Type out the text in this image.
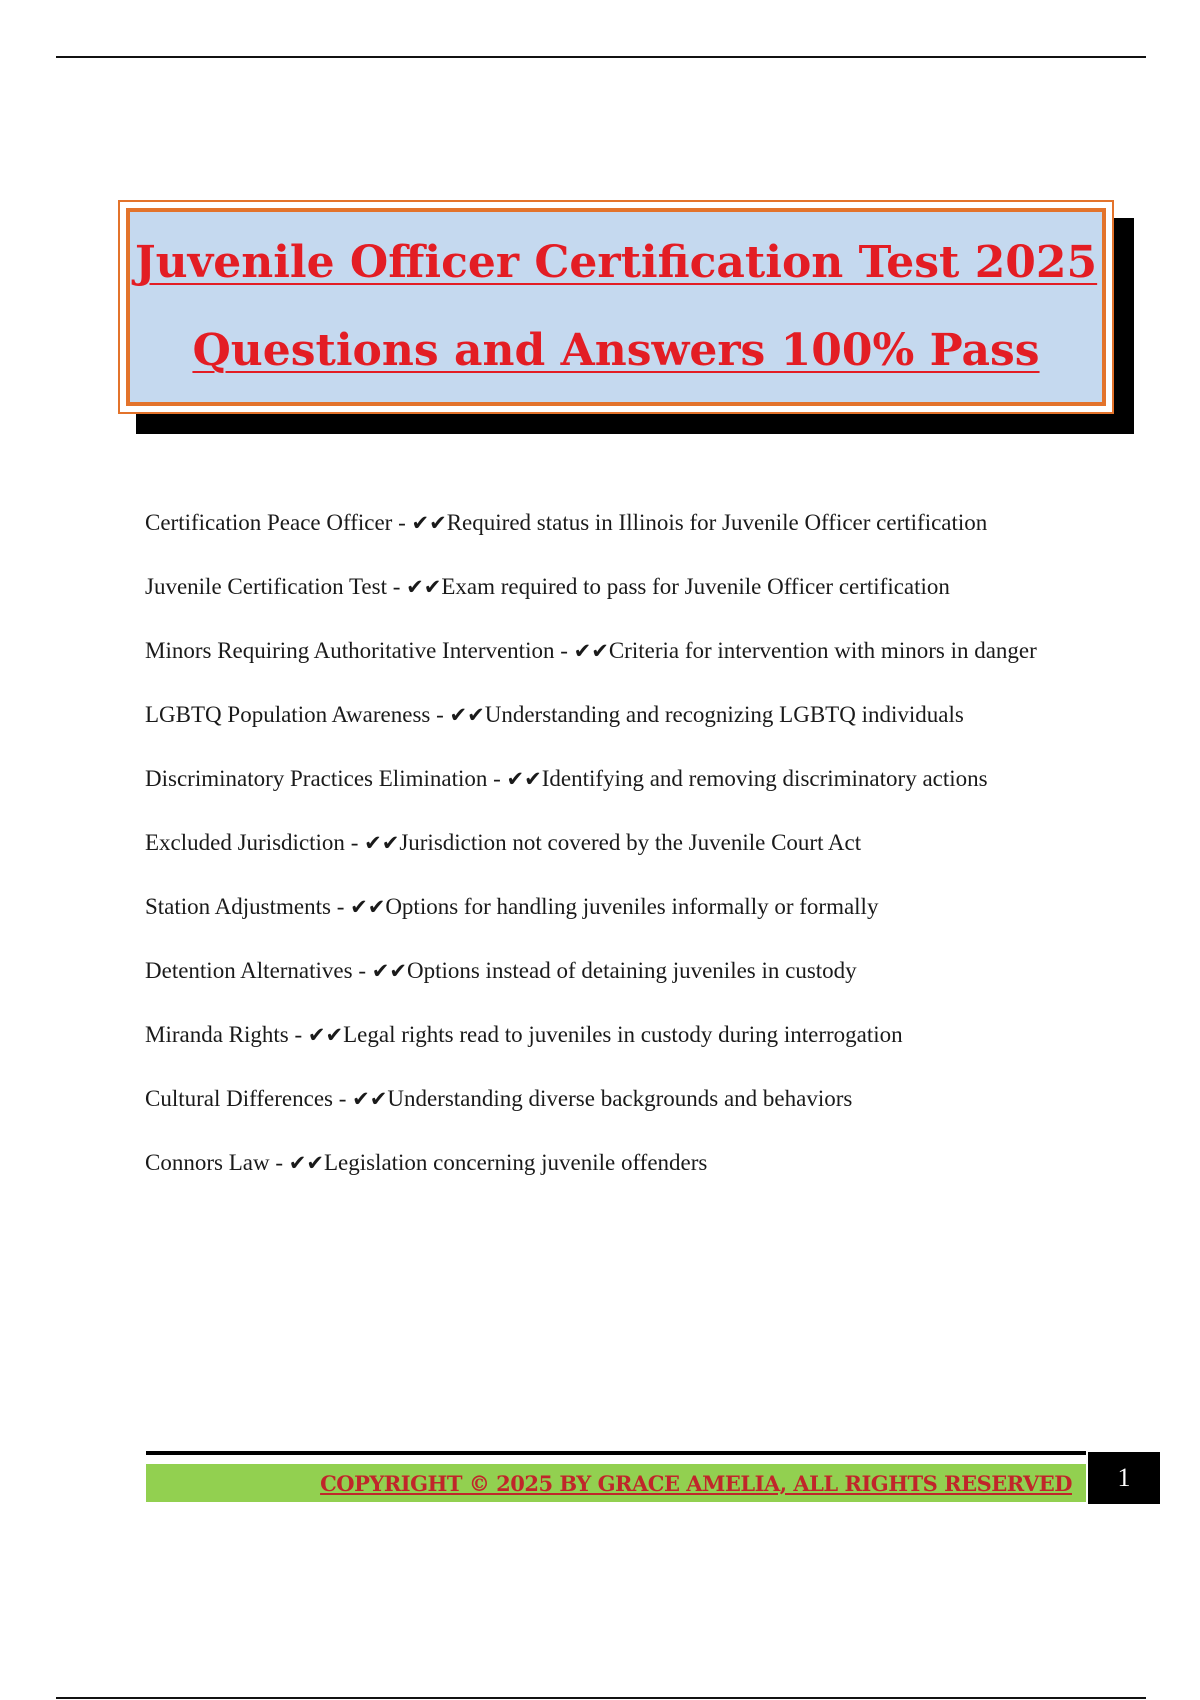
Juvenile Officer Certification Test 2025
Questions and Answers 100% Pass

Certification Peace Officer - ✔✔Required status in Illinois for Juvenile Officer certification

Juvenile Certification Test - ✔✔Exam required to pass for Juvenile Officer certification

Minors Requiring Authoritative Intervention - ✔✔Criteria for intervention with minors in danger

LGBTQ Population Awareness - ✔✔Understanding and recognizing LGBTQ individuals

Discriminatory Practices Elimination - ✔✔Identifying and removing discriminatory actions

Excluded Jurisdiction - ✔✔Jurisdiction not covered by the Juvenile Court Act

Station Adjustments - ✔✔Options for handling juveniles informally or formally

Detention Alternatives - ✔✔Options instead of detaining juveniles in custody

Miranda Rights - ✔✔Legal rights read to juveniles in custody during interrogation

Cultural Differences - ✔✔Understanding diverse backgrounds and behaviors

Connors Law - ✔✔Legislation concerning juvenile offenders

COPYRIGHT © 2025 BY GRACE AMELIA, ALL RIGHTS RESERVED	1
